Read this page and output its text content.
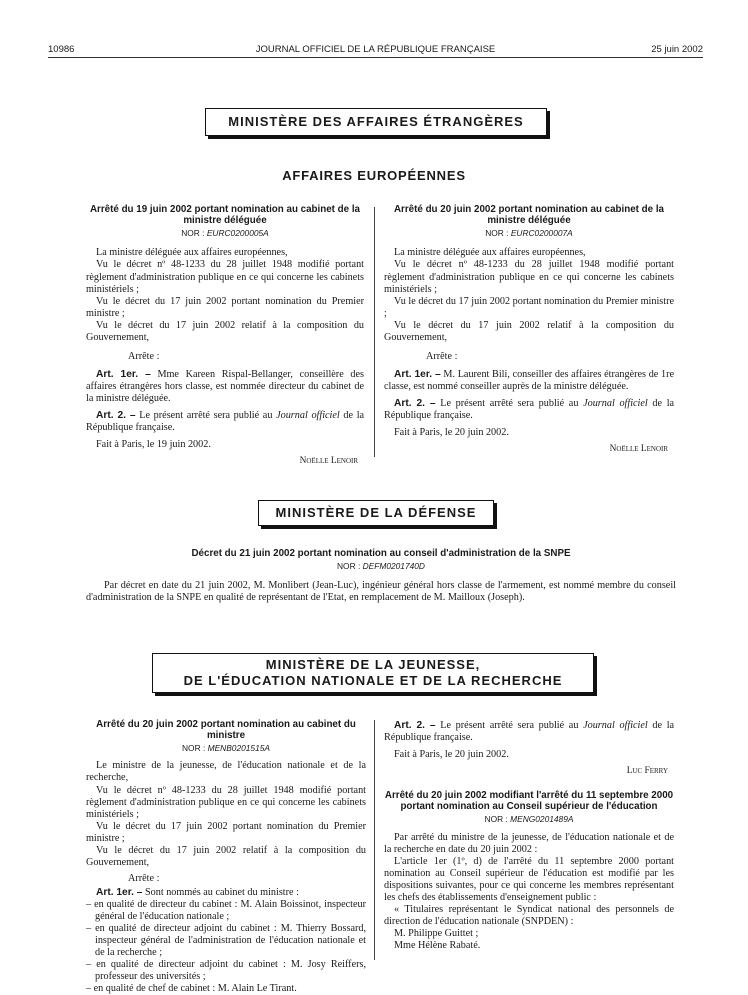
10986	JOURNAL OFFICIEL DE LA RÉPUBLIQUE FRANÇAISE	25 juin 2002
MINISTÈRE DES AFFAIRES ÉTRANGÈRES
AFFAIRES EUROPÉENNES
Arrêté du 19 juin 2002 portant nomination au cabinet de la ministre déléguée
NOR : EURC0200005A

La ministre déléguée aux affaires européennes,

Vu le décret nº 48-1233 du 28 juillet 1948 modifié portant règlement d'administration publique en ce qui concerne les cabinets ministériels ;

Vu le décret du 17 juin 2002 portant nomination du Premier ministre ;

Vu le décret du 17 juin 2002 relatif à la composition du Gouvernement,

Arrête :

Art. 1er. – Mme Kareen Rispal-Bellanger, conseillère des affaires étrangères hors classe, est nommée directeur du cabinet de la ministre déléguée.

Art. 2. – Le présent arrêté sera publié au Journal officiel de la République française.

Fait à Paris, le 19 juin 2002.

Noëlle Lenoir

Arrêté du 20 juin 2002 portant nomination au cabinet de la ministre déléguée
NOR : EURC0200007A

La ministre déléguée aux affaires européennes,

Vu le décret nº 48-1233 du 28 juillet 1948 modifié portant règlement d'administration publique en ce qui concerne les cabinets ministériels ;

Vu le décret du 17 juin 2002 portant nomination du Premier ministre ;

Vu le décret du 17 juin 2002 relatif à la composition du Gouvernement,

Arrête :

Art. 1er. – M. Laurent Bili, conseiller des affaires étrangères de 1re classe, est nommé conseiller auprès de la ministre déléguée.

Art. 2. – Le présent arrêté sera publié au Journal officiel de la République française.

Fait à Paris, le 20 juin 2002.

Noëlle Lenoir

MINISTÈRE DE LA DÉFENSE
Décret du 21 juin 2002 portant nomination au conseil d'administration de la SNPE
NOR : DEFM0201740D

Par décret en date du 21 juin 2002, M. Monlibert (Jean-Luc), ingénieur général hors classe de l'armement, est nommé membre du conseil d'administration de la SNPE en qualité de représentant de l'Etat, en remplacement de M. Mailloux (Joseph).

MINISTÈRE DE LA JEUNESSE,
DE L'ÉDUCATION NATIONALE ET DE LA RECHERCHE
Arrêté du 20 juin 2002 portant nomination au cabinet du ministre
NOR : MENB0201515A

Le ministre de la jeunesse, de l'éducation nationale et de la recherche,

Vu le décret nº 48-1233 du 28 juillet 1948 modifié portant règlement d'administration publique en ce qui concerne les cabinets ministériels ;

Vu le décret du 17 juin 2002 portant nomination du Premier ministre ;

Vu le décret du 17 juin 2002 relatif à la composition du Gouvernement,

Arrête :

Art. 1er. – Sont nommés au cabinet du ministre :

– en qualité de directeur du cabinet : M. Alain Boissinot, inspecteur général de l'éducation nationale ;

– en qualité de directeur adjoint du cabinet : M. Thierry Bossard, inspecteur général de l'administration de l'éducation nationale et de la recherche ;

– en qualité de directeur adjoint du cabinet : M. Josy Reiffers, professeur des universités ;

– en qualité de chef de cabinet : M. Alain Le Tirant.

Art. 2. – Le présent arrêté sera publié au Journal officiel de la République française.

Fait à Paris, le 20 juin 2002.

Luc Ferry

Arrêté du 20 juin 2002 modifiant l'arrêté du 11 septembre 2000 portant nomination au Conseil supérieur de l'éducation
NOR : MENG0201489A

Par arrêté du ministre de la jeunesse, de l'éducation nationale et de la recherche en date du 20 juin 2002 :

L'article 1er (1º, d) de l'arrêté du 11 septembre 2000 portant nomination au Conseil supérieur de l'éducation est modifié par les dispositions suivantes, pour ce qui concerne les membres représentant les chefs des établissements d'enseignement public :

« Titulaires représentant le Syndicat national des personnels de direction de l'éducation nationale (SNPDEN) :

M. Philippe Guittet ;

Mme Hélène Rabaté.
